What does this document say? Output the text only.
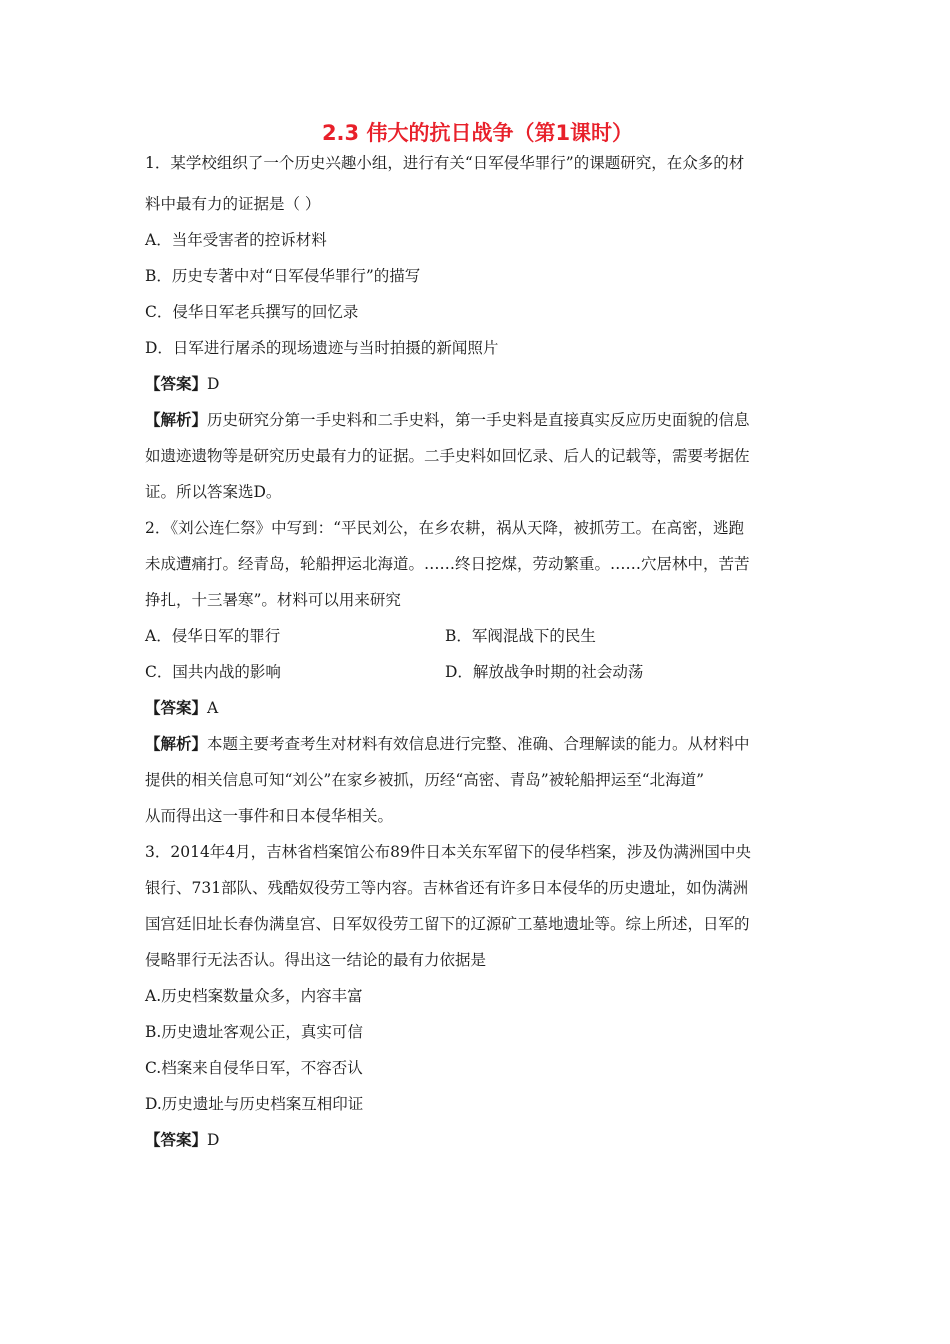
2.3 伟大的抗日战争（第1课时）

1．某学校组织了一个历史兴趣小组，进行有关“日军侵华罪行”的课题研究，在众多的材

料中最有力的证据是（ ）

A．当年受害者的控诉材料

B．历史专著中对“日军侵华罪行”的描写

C．侵华日军老兵撰写的回忆录

D．日军进行屠杀的现场遗迹与当时拍摄的新闻照片

【答案】D

【解析】历史研究分第一手史料和二手史料，第一手史料是直接真实反应历史面貌的信息

如遗迹遗物等是研究历史最有力的证据。二手史料如回忆录、后人的记载等，需要考据佐

证。所以答案选D。

2．《刘公连仁祭》中写到：“平民刘公，在乡农耕，祸从天降，被抓劳工。在高密，逃跑

未成遭痛打。经青岛，轮船押运北海道。……终日挖煤，劳动繁重。……穴居林中，苦苦

挣扎，十三暑寒”。材料可以用来研究

A．侵华日军的罪行	B．军阀混战下的民生
C．国共内战的影响	D．解放战争时期的社会动荡

【答案】A

【解析】本题主要考查考生对材料有效信息进行完整、准确、合理解读的能力。从材料中

提供的相关信息可知“刘公”在家乡被抓，历经“高密、青岛”被轮船押运至“北海道”

从而得出这一事件和日本侵华相关。

3．2014年4月，吉林省档案馆公布89件日本关东军留下的侵华档案，涉及伪满洲国中央

银行、731部队、残酷奴役劳工等内容。吉林省还有许多日本侵华的历史遗址，如伪满洲

国宫廷旧址长春伪满皇宫、日军奴役劳工留下的辽源矿工墓地遗址等。综上所述，日军的

侵略罪行无法否认。得出这一结论的最有力依据是

A.历史档案数量众多，内容丰富

B.历史遗址客观公正，真实可信

C.档案来自侵华日军，不容否认

D.历史遗址与历史档案互相印证

【答案】D
